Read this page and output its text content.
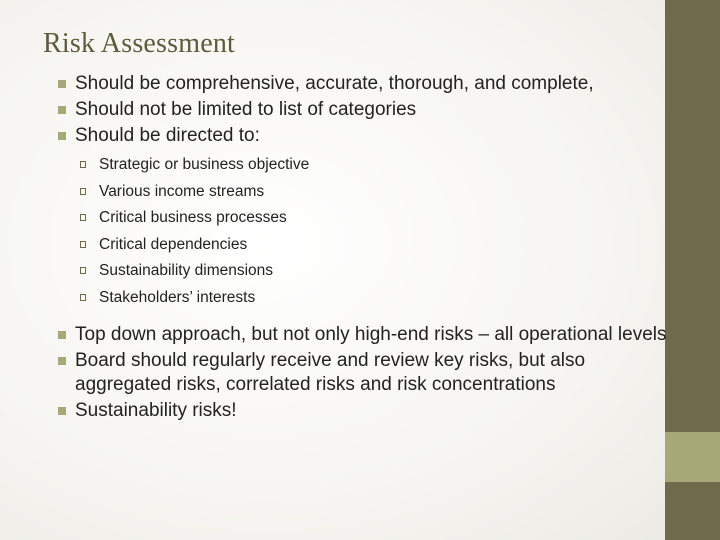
Risk Assessment
Should be comprehensive, accurate, thorough, and complete,
Should not be limited to list of categories
Should be directed to:
Strategic or business objective
Various income streams
Critical business processes
Critical dependencies
Sustainability dimensions
Stakeholders’ interests
Top down approach, but not only high-end risks – all operational levels
Board should regularly receive and review key risks, but also aggregated risks, correlated risks and risk concentrations
Sustainability risks!
